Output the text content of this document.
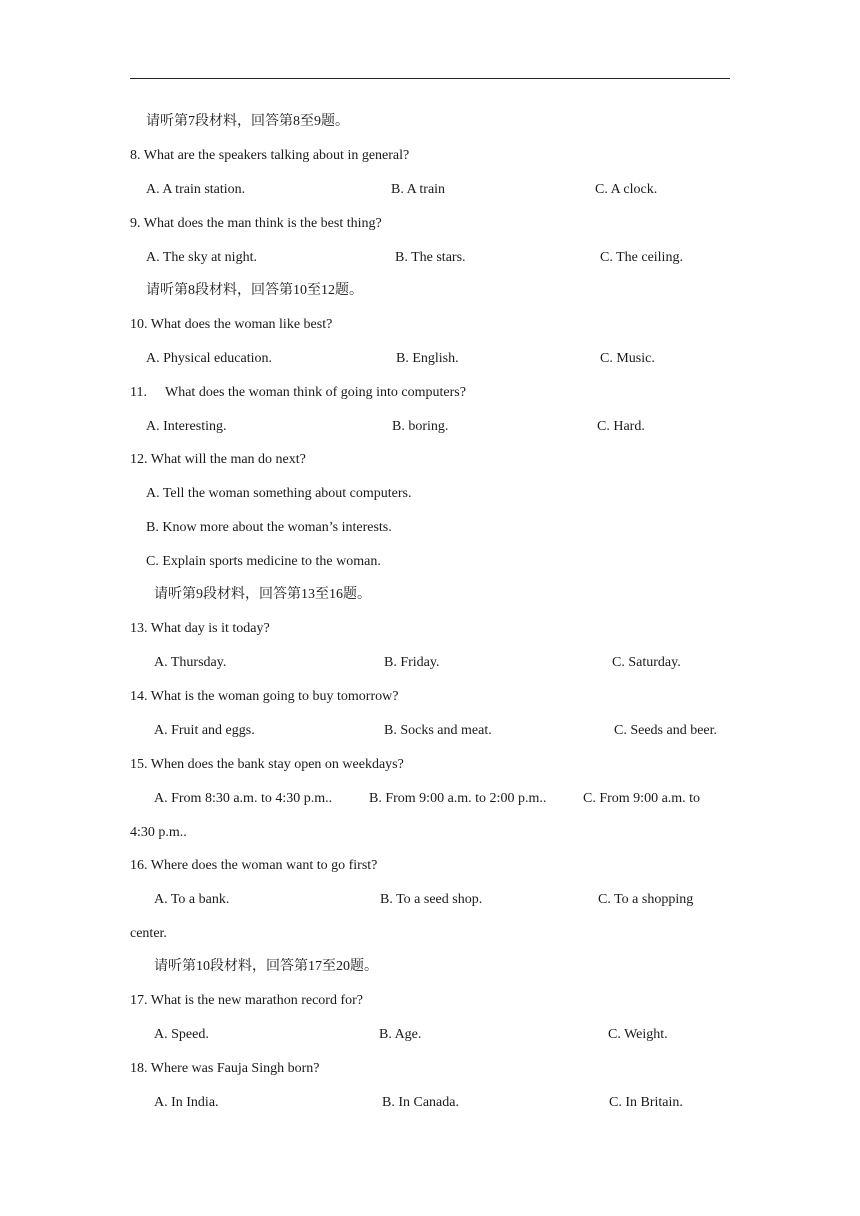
请听第7段材料，回答第8至9题。
8. What are the speakers talking about in general?
A. A train station.	B. A train	C. A clock.
9. What does the man think is the best thing?
A. The sky at night.	B. The stars.	C. The ceiling.
请听第8段材料，回答第10至12题。
10. What does the woman like best?
A. Physical education.	B. English.	C. Music.
11. What does the woman think of going into computers?
A. Interesting.	B. boring.	C. Hard.
12. What will the man do next?
A. Tell the woman something about computers.
B. Know more about the woman’s interests.
C. Explain sports medicine to the woman.
请听第9段材料，回答第13至16题。
13. What day is it today?
A. Thursday.	B. Friday.	C. Saturday.
14. What is the woman going to buy tomorrow?
A. Fruit and eggs.	B. Socks and meat.	C. Seeds and beer.
15. When does the bank stay open on weekdays?
A. From 8:30 a.m. to 4:30 p.m..	B. From 9:00 a.m. to 2:00 p.m..	C. From 9:00 a.m. to
4:30 p.m..
16. Where does the woman want to go first?
A. To a bank.	B. To a seed shop.	C. To a shopping
center.
请听第10段材料，回答第17至20题。
17. What is the new marathon record for?
A. Speed.	B. Age.	C. Weight.
18. Where was Fauja Singh born?
A. In India.	B. In Canada.	C. In Britain.
